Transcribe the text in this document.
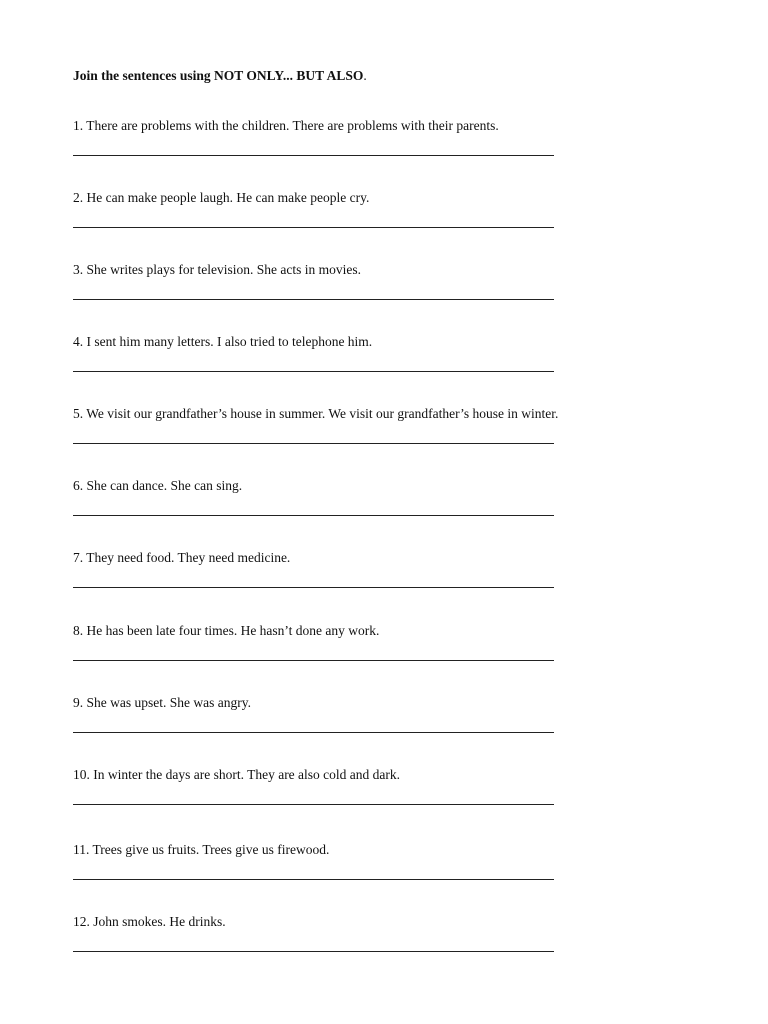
Join the sentences using NOT ONLY... BUT ALSO.
1. There are problems with the children. There are problems with their parents.
2. He can make people laugh. He can make people cry.
3. She writes plays for television. She acts in movies.
4. I sent him many letters. I also tried to telephone him.
5. We visit our grandfather’s house in summer. We visit our grandfather’s house in winter.
6. She can dance. She can sing.
7. They need food. They need medicine.
8. He has been late four times. He hasn’t done any work.
9. She was upset. She was angry.
10. In winter the days are short. They are also cold and dark.
11. Trees give us fruits. Trees give us firewood.
12. John smokes. He drinks.
